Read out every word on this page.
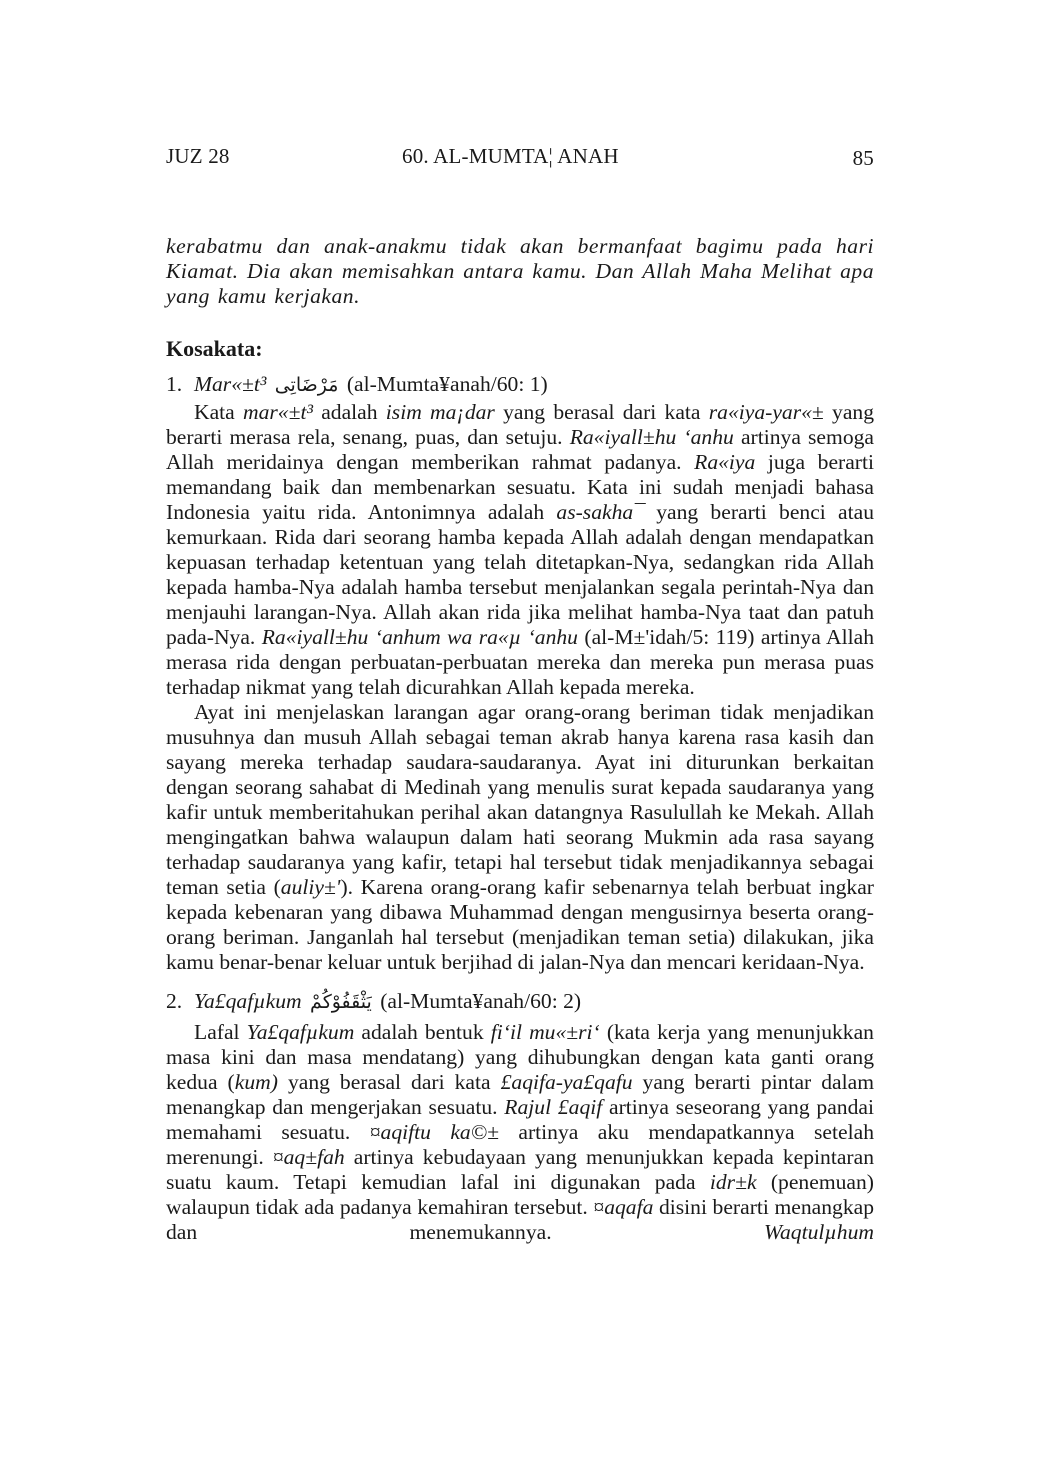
JUZ 28	60. AL-MUMTA¦ ANAH	85

kerabatmu dan anak-anakmu tidak akan bermanfaat bagimu pada hari Kiamat. Dia akan memisahkan antara kamu. Dan Allah Maha Melihat apa yang kamu kerjakan.

Kosakata:

1. Mar«±t³ مَرْضَاتِى (al-Mumta¥anah/60: 1)

Kata mar«±t³ adalah isim ma¡dar yang berasal dari kata ra«iya-yar«± yang berarti merasa rela, senang, puas, dan setuju. Ra«iyall±hu ‘anhu artinya semoga Allah meridainya dengan memberikan rahmat padanya. Ra«iya juga berarti memandang baik dan membenarkan sesuatu. Kata ini sudah menjadi bahasa Indonesia yaitu rida. Antonimnya adalah as-sakha¯ yang berarti benci atau kemurkaan. Rida dari seorang hamba kepada Allah adalah dengan mendapatkan kepuasan terhadap ketentuan yang telah ditetapkan-Nya, sedangkan rida Allah kepada hamba-Nya adalah hamba tersebut menjalankan segala perintah-Nya dan menjauhi larangan-Nya. Allah akan rida jika melihat hamba-Nya taat dan patuh pada-Nya. Ra«iyall±hu ‘anhum wa ra«µ ‘anhu (al-M±'idah/5: 119) artinya Allah merasa rida dengan perbuatan-perbuatan mereka dan mereka pun merasa puas terhadap nikmat yang telah dicurahkan Allah kepada mereka.

Ayat ini menjelaskan larangan agar orang-orang beriman tidak menjadikan musuhnya dan musuh Allah sebagai teman akrab hanya karena rasa kasih dan sayang mereka terhadap saudara-saudaranya. Ayat ini diturunkan berkaitan dengan seorang sahabat di Medinah yang menulis surat kepada saudaranya yang kafir untuk memberitahukan perihal akan datangnya Rasulullah ke Mekah. Allah mengingatkan bahwa walaupun dalam hati seorang Mukmin ada rasa sayang terhadap saudaranya yang kafir, tetapi hal tersebut tidak menjadikannya sebagai teman setia (auliy±'). Karena orang-orang kafir sebenarnya telah berbuat ingkar kepada kebenaran yang dibawa Muhammad dengan mengusirnya beserta orang-orang beriman. Janganlah hal tersebut (menjadikan teman setia) dilakukan, jika kamu benar-benar keluar untuk berjihad di jalan-Nya dan mencari keridaan-Nya.

2. Ya£qafµkum يَثْقَفُوْكُمْ (al-Mumta¥anah/60: 2)

Lafal Ya£qafµkum adalah bentuk fi‘il mu«±ri‘ (kata kerja yang menunjukkan masa kini dan masa mendatang) yang dihubungkan dengan kata ganti orang kedua (kum) yang berasal dari kata £aqifa-ya£qafu yang berarti pintar dalam menangkap dan mengerjakan sesuatu. Rajul £aqif artinya seseorang yang pandai memahami sesuatu. ¤aqiftu ka©± artinya aku mendapatkannya setelah merenungi. ¤aq±fah artinya kebudayaan yang menunjukkan kepada kepintaran suatu kaum. Tetapi kemudian lafal ini digunakan pada idr±k (penemuan) walaupun tidak ada padanya kemahiran tersebut. ¤aqafa disini berarti menangkap dan menemukannya. Waqtulµhum
